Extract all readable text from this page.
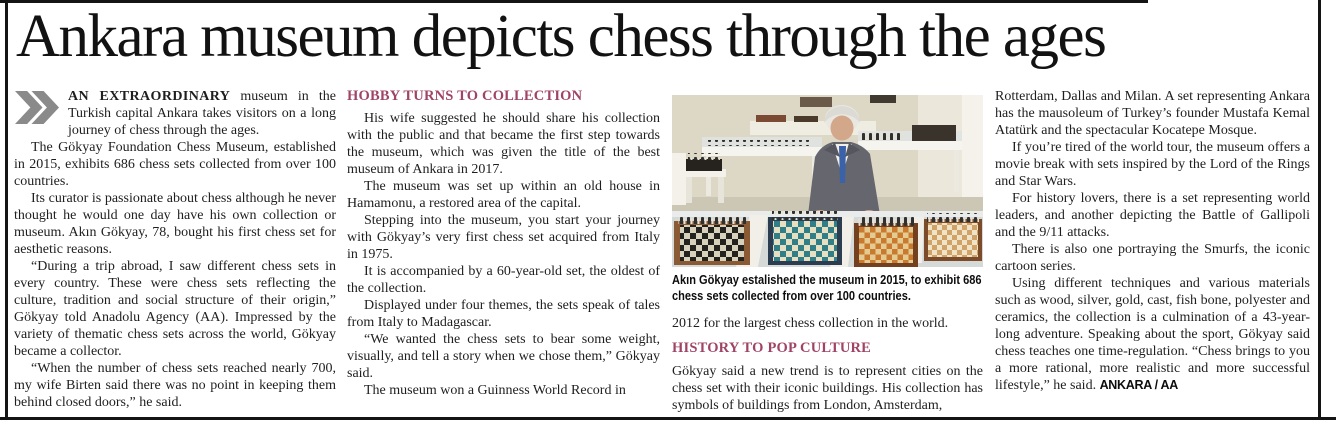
Ankara museum depicts chess through the ages

AN EXTRAORDINARY museum in the Turkish capital Ankara takes visitors on a long journey of chess through the ages.

The Gökyay Foundation Chess Museum, established in 2015, exhibits 686 chess sets collected from over 100 countries.

Its curator is passionate about chess although he never thought he would one day have his own collection or museum. Akın Gökyay, 78, bought his first chess set for aesthetic reasons.

“During a trip abroad, I saw different chess sets in every country. These were chess sets reflecting the culture, tradition and social structure of their origin,” Gökyay told Anadolu Agency (AA). Impressed by the variety of thematic chess sets across the world, Gökyay became a collector.

“When the number of chess sets reached nearly 700, my wife Birten said there was no point in keeping them behind closed doors,” he said.

HOBBY TURNS TO COLLECTION

His wife suggested he should share his collection with the public and that became the first step towards the museum, which was given the title of the best museum of Ankara in 2017.

The museum was set up within an old house in Hamamonu, a restored area of the capital.

Stepping into the museum, you start your journey with Gökyay’s very first chess set acquired from Italy in 1975.

It is accompanied by a 60-year-old set, the oldest of the collection.

Displayed under four themes, the sets speak of tales from Italy to Madagascar.

“We wanted the chess sets to bear some weight, visually, and tell a story when we chose them,” Gökyay said.

The museum won a Guinness World Record in

Akın Gökyay estalished the museum in 2015, to exhibit 686 chess sets collected from over 100 countries.

2012 for the largest chess collection in the world.

HISTORY TO POP CULTURE

Gökyay said a new trend is to represent cities on the chess set with their iconic buildings. His collection has symbols of buildings from London, Amsterdam,

Rotterdam, Dallas and Milan. A set representing Ankara has the mausoleum of Turkey’s founder Mustafa Kemal Atatürk and the spectacular Kocatepe Mosque.

If you’re tired of the world tour, the museum offers a movie break with sets inspired by the Lord of the Rings and Star Wars.

For history lovers, there is a set representing world leaders, and another depicting the Battle of Gallipoli and the 9/11 attacks.

There is also one portraying the Smurfs, the iconic cartoon series.

Using different techniques and various materials such as wood, silver, gold, cast, fish bone, polyester and ceramics, the collection is a culmination of a 43-year-long adventure. Speaking about the sport, Gökyay said chess teaches one time-regulation. “Chess brings to you a more rational, more realistic and more successful lifestyle,” he said. ANKARA / AA
